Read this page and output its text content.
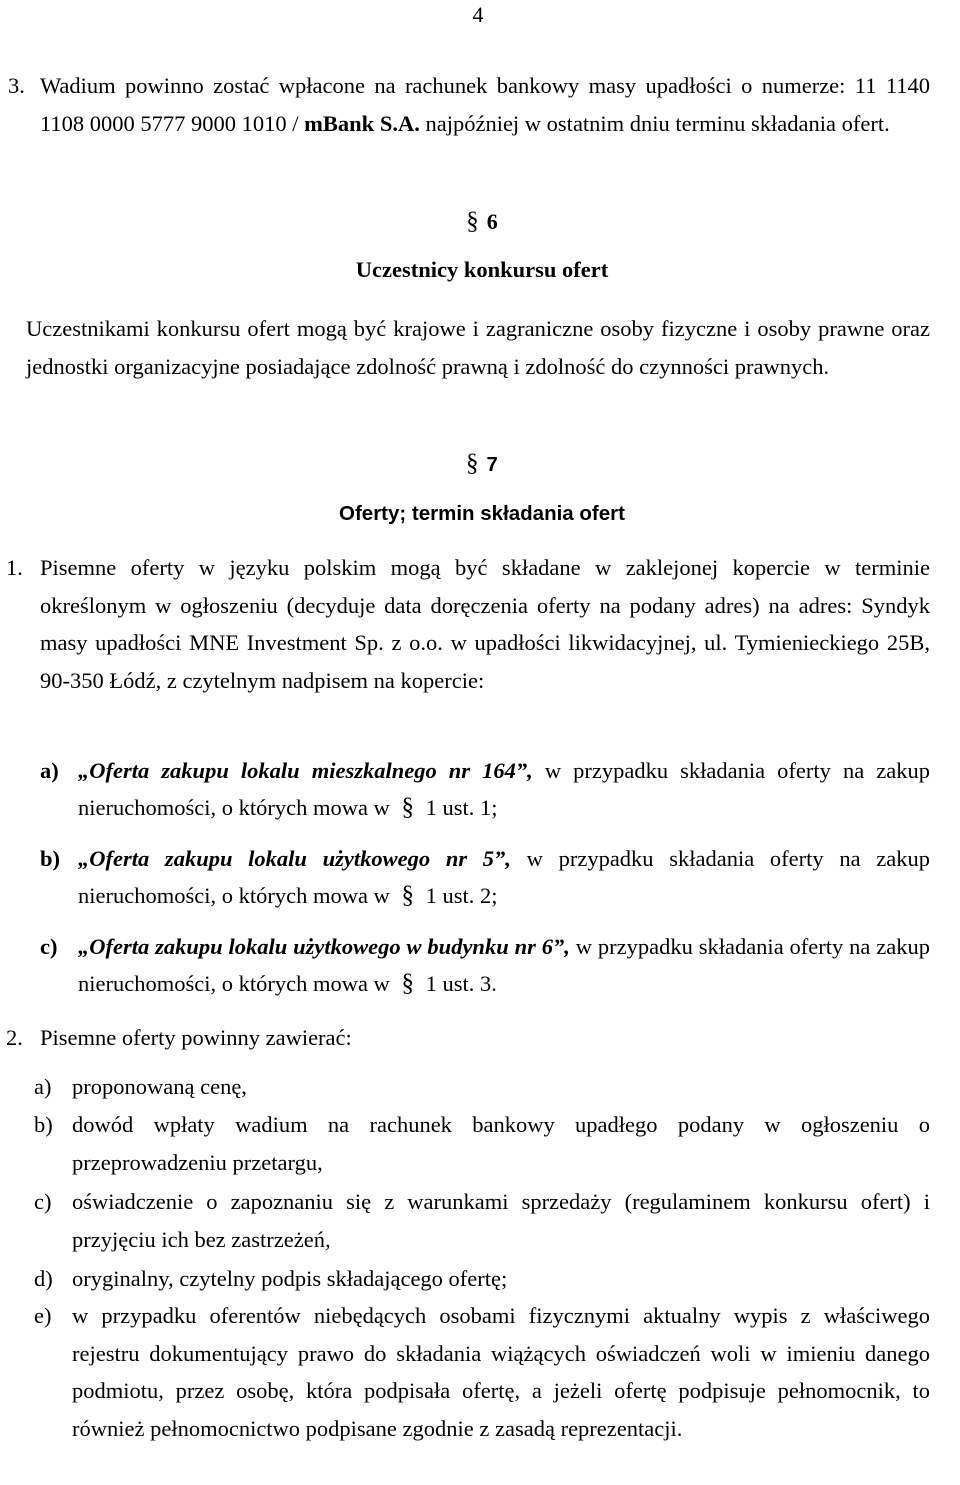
4
3. Wadium powinno zostać wpłacone na rachunek bankowy masy upadłości o numerze: 11 1140 1108 0000 5777 9000 1010 / mBank S.A. najpóźniej w ostatnim dniu terminu składania ofert.
§ 6
Uczestnicy konkursu ofert
Uczestnikami konkursu ofert mogą być krajowe i zagraniczne osoby fizyczne i osoby prawne oraz jednostki organizacyjne posiadające zdolność prawną i zdolność do czynności prawnych.
§ 7
Oferty; termin składania ofert
1. Pisemne oferty w języku polskim mogą być składane w zaklejonej kopercie w terminie określonym w ogłoszeniu (decyduje data doręczenia oferty na podany adres) na adres: Syndyk masy upadłości MNE Investment Sp. z o.o. w upadłości likwidacyjnej, ul. Tymienieckiego 25B, 90-350 Łódź, z czytelnym nadpisem na kopercie:
a) „Oferta zakupu lokalu mieszkalnego nr 164”, w przypadku składania oferty na zakup nieruchomości, o których mowa w § 1 ust. 1;
b) „Oferta zakupu lokalu użytkowego nr 5”, w przypadku składania oferty na zakup nieruchomości, o których mowa w § 1 ust. 2;
c) „Oferta zakupu lokalu użytkowego w budynku nr 6”, w przypadku składania oferty na zakup nieruchomości, o których mowa w § 1 ust. 3.
2. Pisemne oferty powinny zawierać:
a) proponowaną cenę,
b) dowód wpłaty wadium na rachunek bankowy upadłego podany w ogłoszeniu o przeprowadzeniu przetargu,
c) oświadczenie o zapoznaniu się z warunkami sprzedaży (regulaminem konkursu ofert) i przyjęciu ich bez zastrzeżeń,
d) oryginalny, czytelny podpis składającego ofertę;
e) w przypadku oferentów niebędących osobami fizycznymi aktualny wypis z właściwego rejestru dokumentujący prawo do składania wiążących oświadczeń woli w imieniu danego podmiotu, przez osobę, która podpisała ofertę, a jeżeli ofertę podpisuje pełnomocnik, to również pełnomocnictwo podpisane zgodnie z zasadą reprezentacji.
